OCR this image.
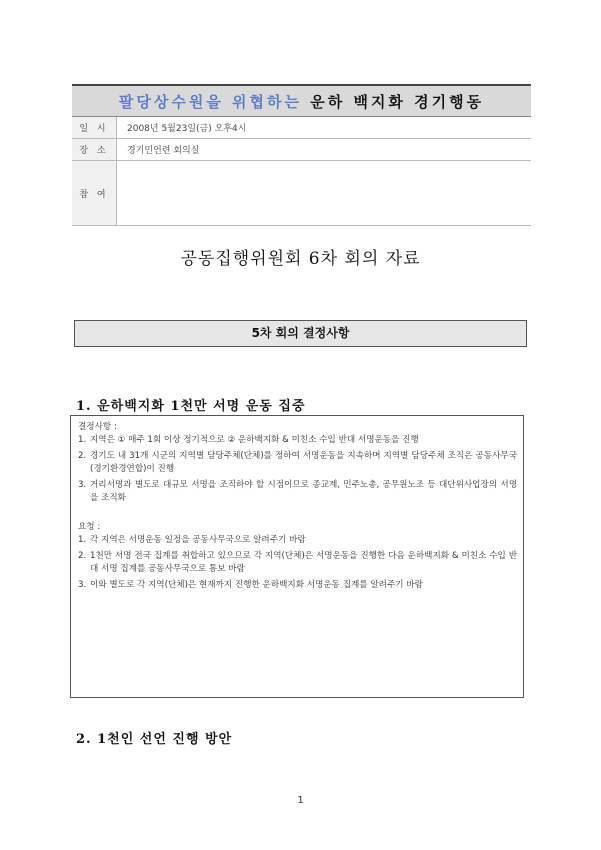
팔당상수원을 위협하는 운하 백지화 경기행동	
일 시	2008년 5월23일(금) 오후4시
장 소	경기민언련 회의실
참 여	
공동집행위원회 6차 회의 자료
5차 회의 결정사항
1. 운하백지화 1천만 서명 운동 집중
결정사항 :
1. 지역은 ① 매주 1회 이상 정기적으로 ② 운하백지화 & 미친소 수입 반대 서명운동을 진행
2. 경기도 내 31개 시군의 지역별 담당주체(단체)를 정하여 서명운동을 지속하며 지역별 담당주체 조직은 공동사무국(경기환경연합)이 진행
3. 거리서명과 별도로 대규모 서명을 조직하야 할 시점이므로 종교계, 민주노총, 공무원노조 등 대단위사업장의 서명을 조직화
요청 :
1. 각 지역은 서명운동 일정을 공동사무국으로 알려주기 바람
2. 1천만 서명 전국 집계를 취합하고 있으므로 각 지역(단체)은 서명운동을 진행한 다음 운하백지화 & 미친소 수입 반대 서명 집계를 공동사무국으로 통보 바람
3. 이와 별도로 각 지역(단체)은 현재까지 진행한 운하백지화 서명운동 집계를 알려주기 바람
2. 1천인 선언 진행 방안
1
